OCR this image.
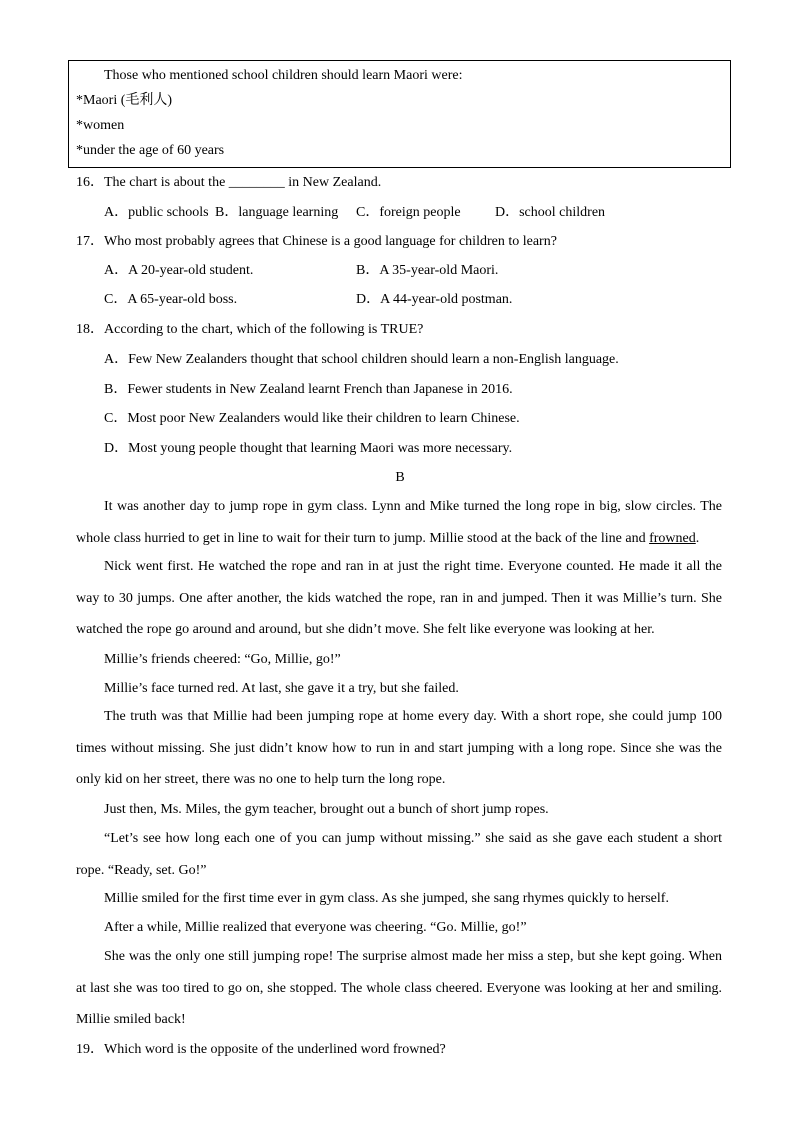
Those who mentioned school children should learn Maori were:
*Maori (毛利人)
*women
*under the age of 60 years
16．The chart is about the ________ in New Zealand.
A．public schools B．language learning C．foreign people D．school children
17．Who most probably agrees that Chinese is a good language for children to learn?
A．A 20-year-old student.	B．A 35-year-old Maori.
C．A 65-year-old boss.	D．A 44-year-old postman.
18．According to the chart, which of the following is TRUE?
A．Few New Zealanders thought that school children should learn a non-English language.
B．Fewer students in New Zealand learnt French than Japanese in 2016.
C．Most poor New Zealanders would like their children to learn Chinese.
D．Most young people thought that learning Maori was more necessary.
B
It was another day to jump rope in gym class. Lynn and Mike turned the long rope in big, slow circles. The whole class hurried to get in line to wait for their turn to jump. Millie stood at the back of the line and frowned.
Nick went first. He watched the rope and ran in at just the right time. Everyone counted. He made it all the way to 30 jumps. One after another, the kids watched the rope, ran in and jumped. Then it was Millie’s turn. She watched the rope go around and around, but she didn’t move. She felt like everyone was looking at her.
Millie’s friends cheered: “Go, Millie, go!”
Millie’s face turned red. At last, she gave it a try, but she failed.
The truth was that Millie had been jumping rope at home every day. With a short rope, she could jump 100 times without missing. She just didn’t know how to run in and start jumping with a long rope. Since she was the only kid on her street, there was no one to help turn the long rope.
Just then, Ms. Miles, the gym teacher, brought out a bunch of short jump ropes.
“Let’s see how long each one of you can jump without missing.” she said as she gave each student a short rope. “Ready, set. Go!”
Millie smiled for the first time ever in gym class. As she jumped, she sang rhymes quickly to herself.
After a while, Millie realized that everyone was cheering. “Go. Millie, go!”
She was the only one still jumping rope! The surprise almost made her miss a step, but she kept going. When at last she was too tired to go on, she stopped. The whole class cheered. Everyone was looking at her and smiling. Millie smiled back!
19．Which word is the opposite of the underlined word frowned?
